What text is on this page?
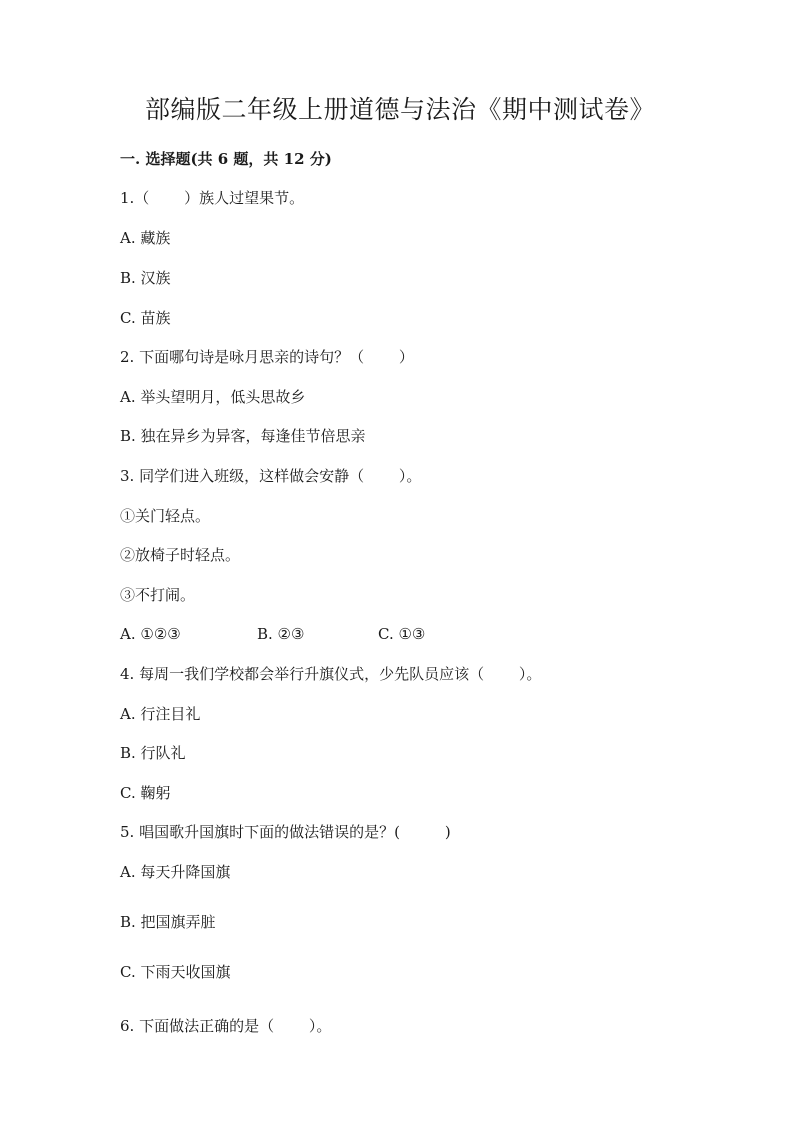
部编版二年级上册道德与法治《期中测试卷》
一. 选择题(共 6 题，共 12 分)
1.（　　 ）族人过望果节。
A. 藏族
B. 汉族
C. 苗族
2. 下面哪句诗是咏月思亲的诗句？（　　 ）
A. 举头望明月，低头思故乡
B. 独在异乡为异客，每逢佳节倍思亲
3. 同学们进入班级，这样做会安静（　　 ）。
①关门轻点。
②放椅子时轻点。
③不打闹。
A. ①②③	B. ②③	C. ①③
4. 每周一我们学校都会举行升旗仪式，少先队员应该（　　 ）。
A. 行注目礼
B. 行队礼
C. 鞠躬
5. 唱国歌升国旗时下面的做法错误的是？(　　　)
A. 每天升降国旗
B. 把国旗弄脏
C. 下雨天收国旗
6. 下面做法正确的是（　　 ）。
